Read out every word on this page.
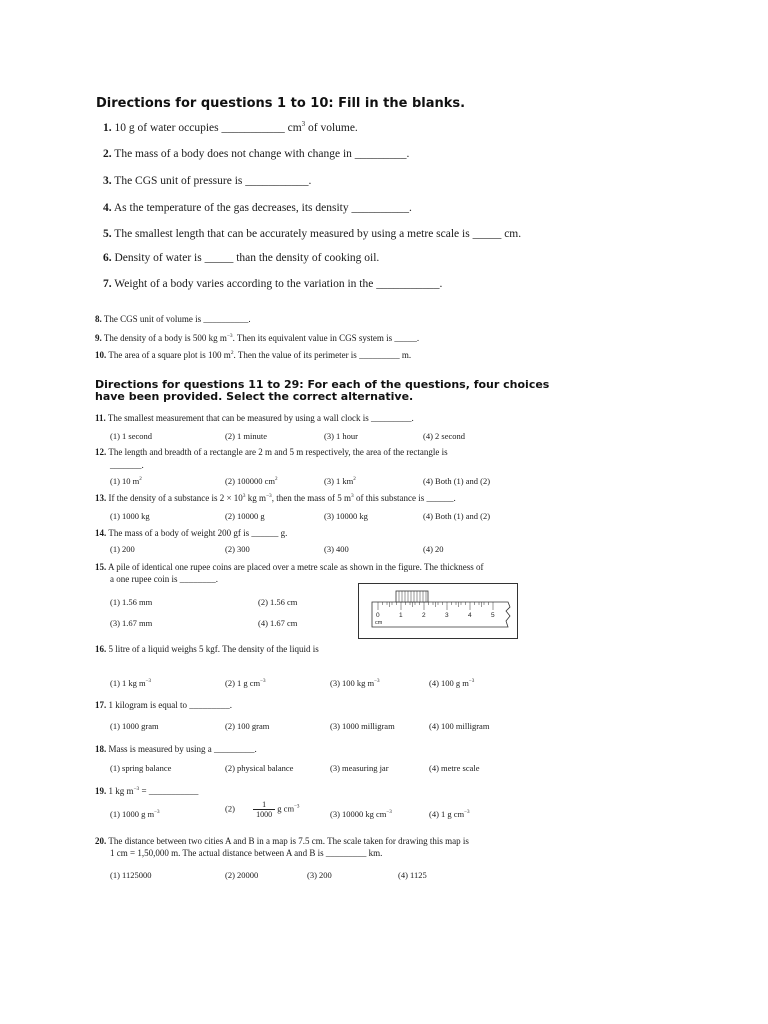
Directions for questions 1 to 10: Fill in the blanks.
1. 10 g of water occupies ___________ $cm^3$ of volume.
2. The mass of a body does not change with change in _________.
3. The CGS unit of pressure is ___________.
4. As the temperature of the gas decreases, its density __________.
5. The smallest length that can be accurately measured by using a metre scale is _____ cm.
6. Density of water is _____ than the density of cooking oil.
7. Weight of a body varies according to the variation in the ___________.
8. The CGS unit of volume is __________.
9. The density of a body is 500 kg $m^{-3}$. Then its equivalent value in CGS system is _____.
10. The area of a square plot is 100 $m^2$. Then the value of its perimeter is _________ m.
Directions for questions 11 to 29: For each of the questions, four choices
have been provided. Select the correct alternative.
11. The smallest measurement that can be measured by using a wall clock is _________.
(1) 1 second	(2) 1 minute	(3) 1 hour	(4) 2 second
12. The length and breadth of a rectangle are 2 m and 5 m respectively, the area of the rectangle is
_______.
(1) 10 $m^2$	(2) 100000 $cm^2$	(3) 1 $km^2$	(4) Both (1) and (2)
13. If the density of a substance is $2 \times 10^3$ kg $m^{-3}$, then the mass of 5 $m^3$ of this substance is ______.
(1) 1000 kg	(2) 10000 g	(3) 10000 kg	(4) Both (1) and (2)
14. The mass of a body of weight 200 gf is ______ g.
(1) 200	(2) 300	(3) 400	(4) 20
15. A pile of identical one rupee coins are placed over a metre scale as shown in the figure. The thickness of
a one rupee coin is ________.
(1) 1.56 mm	(2) 1.56 cm
(3) 1.67 mm	(4) 1.67 cm
0	1	2	3	4	5
cm
16. 5 litre of a liquid weighs 5 kgf. The density of the liquid is
(1) 1 kg $m^{-3}$	(2) 1 g $cm^{-3}$	(3) 100 kg $m^{-3}$	(4) 100 g $m^{-3}$
17. 1 kilogram is equal to _________.
(1) 1000 gram	(2) 100 gram	(3) 1000 milligram	(4) 100 milligram
18. Mass is measured by using a _________.
(1) spring balance	(2) physical balance	(3) measuring jar	(4) metre scale
19. 1 kg $m^{-3}$ = ___________
(1) 1000 g $m^{-3}$	$(2) \frac{1}{1000}$ g $cm^{-3}$
(3) 10000 kg $cm^{-3}$	(4) 1 g $cm^{-3}$
20. The distance between two cities A and B in a map is 7.5 cm. The scale taken for drawing this map is
1 cm = 1,50,000 m. The actual distance between A and B is _________ km.
(1) 1125000	(2) 20000	(3) 200	(4) 1125
